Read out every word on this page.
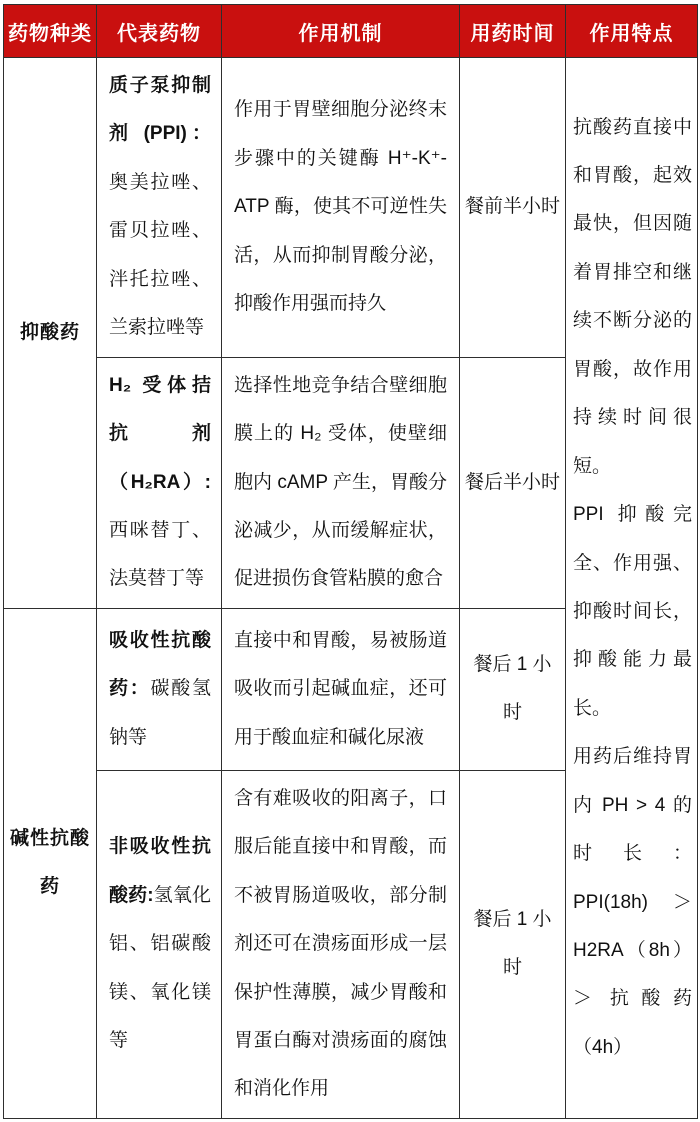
药物种类	代表药物	作用机制	用药时间	作用特点
抑酸药	质子泵抑制剂 (PPI)：奥美拉唑、雷贝拉唑、泮托拉唑、兰索拉唑等	作用于胃壁细胞分泌终末步骤中的关键酶 H⁺-K⁺-ATP 酶，使其不可逆性失活，从而抑制胃酸分泌，抑酸作用强而持久	餐前半小时	抗酸药直接中和胃酸，起效最快，但因随着胃排空和继续不断分泌的胃酸，故作用持续时间很短。

PPI 抑酸完全、作用强、抑酸时间长，抑酸能力最长。

用药后维持胃内 PH > 4 的时长：PPI(18h) ＞ H2RA（8h）＞ 抗酸药（4h）

	H₂ 受体拮抗剂（H₂RA）:西咪替丁、法莫替丁等	选择性地竞争结合壁细胞膜上的 H₂ 受体，使壁细胞内 cAMP 产生，胃酸分泌减少，从而缓解症状，促进损伤食管粘膜的愈合	餐后半小时	
碱性抗酸药	吸收性抗酸药：碳酸氢钠等	直接中和胃酸，易被肠道吸收而引起碱血症，还可用于酸血症和碱化尿液	餐后 1 小时	
	非吸收性抗酸药:氢氧化铝、铝碳酸镁、氧化镁等	含有难吸收的阳离子，口服后能直接中和胃酸，而不被胃肠道吸收，部分制剂还可在溃疡面形成一层保护性薄膜，减少胃酸和胃蛋白酶对溃疡面的腐蚀和消化作用	餐后 1 小时	
